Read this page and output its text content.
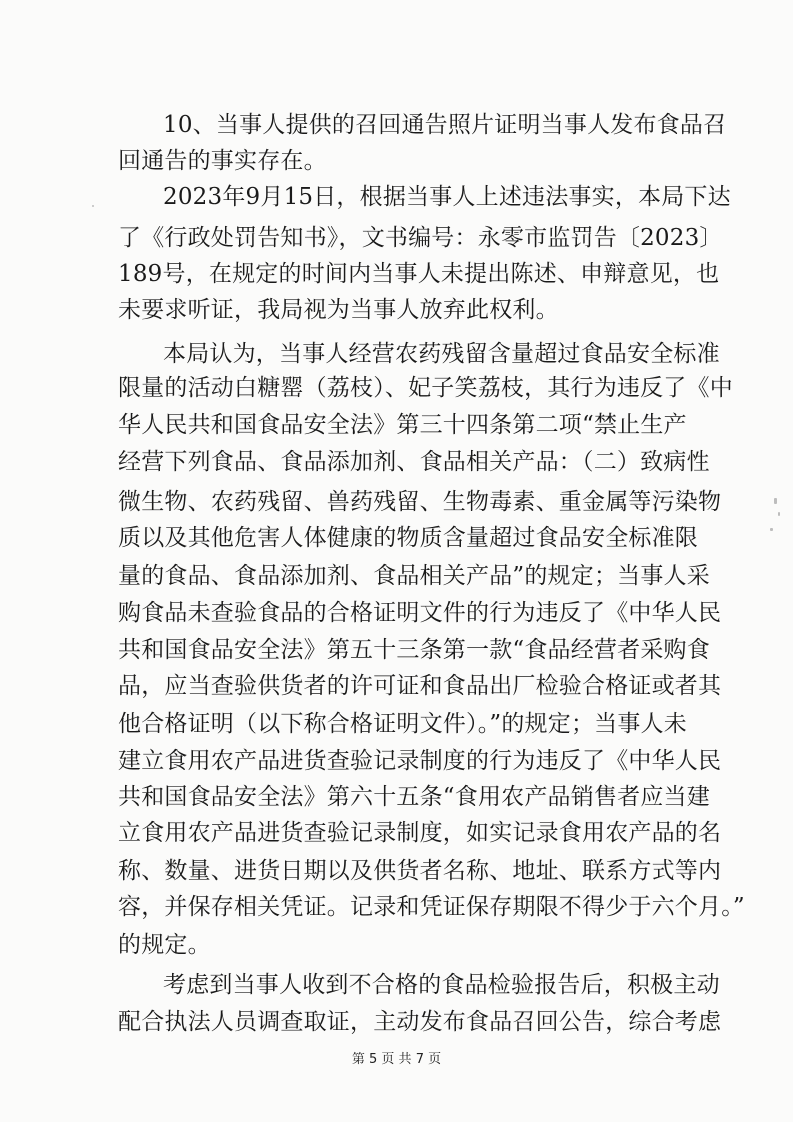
10、当事人提供的召回通告照片证明当事人发布食品召
回通告的事实存在。
2023年9月15日，根据当事人上述违法事实，本局下达
了《行政处罚告知书》，文书编号：永零市监罚告〔2023〕
189号，在规定的时间内当事人未提出陈述、申辩意见，也
未要求听证，我局视为当事人放弃此权利。
本局认为，当事人经营农药残留含量超过食品安全标准
限量的活动白糖罂（荔枝）、妃子笑荔枝，其行为违反了《中
华人民共和国食品安全法》第三十四条第二项“禁止生产
经营下列食品、食品添加剂、食品相关产品：（二）致病性
微生物、农药残留、兽药残留、生物毒素、重金属等污染物
质以及其他危害人体健康的物质含量超过食品安全标准限
量的食品、食品添加剂、食品相关产品”的规定；当事人采
购食品未查验食品的合格证明文件的行为违反了《中华人民
共和国食品安全法》第五十三条第一款“食品经营者采购食
品，应当查验供货者的许可证和食品出厂检验合格证或者其
他合格证明（以下称合格证明文件）。”的规定；当事人未
建立食用农产品进货查验记录制度的行为违反了《中华人民
共和国食品安全法》第六十五条“食用农产品销售者应当建
立食用农产品进货查验记录制度，如实记录食用农产品的名
称、数量、进货日期以及供货者名称、地址、联系方式等内
容，并保存相关凭证。记录和凭证保存期限不得少于六个月。”
的规定。
考虑到当事人收到不合格的食品检验报告后，积极主动
配合执法人员调查取证，主动发布食品召回公告，综合考虑
第 5 页 共 7 页
